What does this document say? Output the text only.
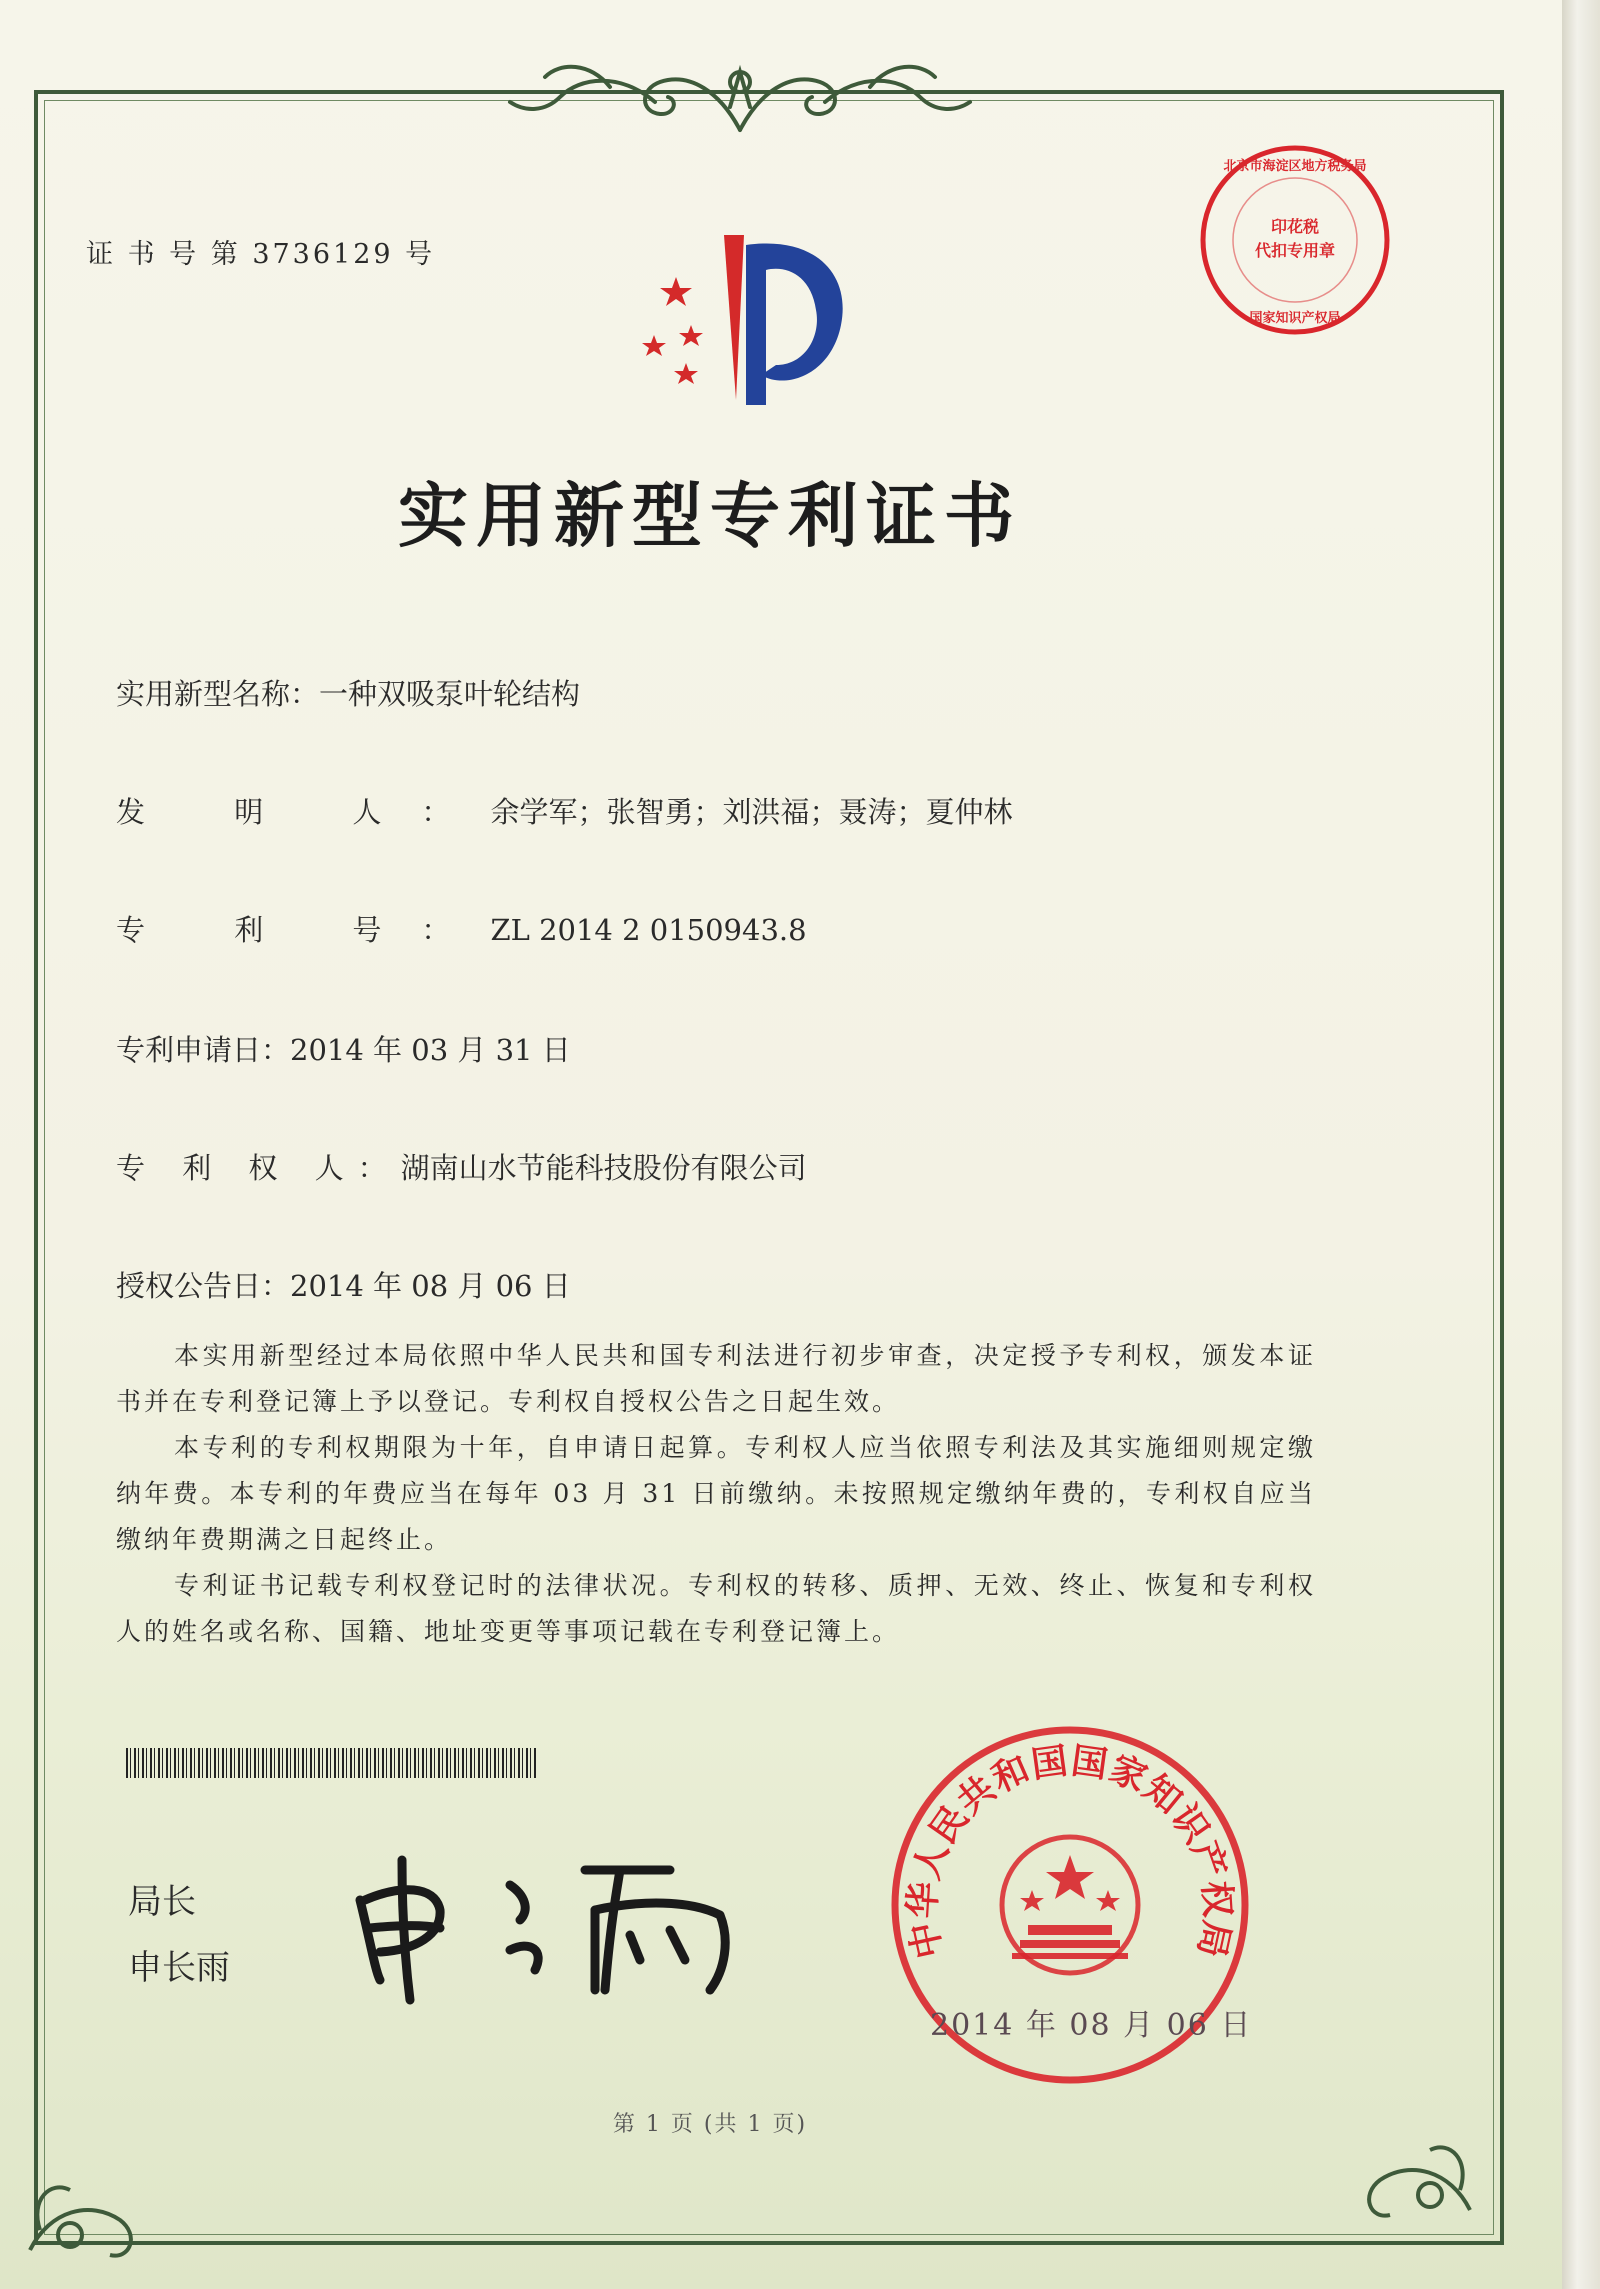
证 书 号 第 3736129 号
印花税
代扣专用章
北京市海淀区地方税务局
国家知识产权局
实用新型专利证书
实用新型名称：一种双吸泵叶轮结构
发 明 人：余学军；张智勇；刘洪福；聂涛；夏仲林
专 利 号：ZL 2014 2 0150943.8
专利申请日：2014 年 03 月 31 日
专 利 权 人：湖南山水节能科技股份有限公司
授权公告日：2014 年 08 月 06 日

本实用新型经过本局依照中华人民共和国专利法进行初步审查，决定授予专利权，颁发本证书并在专利登记簿上予以登记。专利权自授权公告之日起生效。

本专利的专利权期限为十年，自申请日起算。专利权人应当依照专利法及其实施细则规定缴纳年费。本专利的年费应当在每年 03 月 31 日前缴纳。未按照规定缴纳年费的，专利权自应当缴纳年费期满之日起终止。

专利证书记载专利权登记时的法律状况。专利权的转移、质押、无效、终止、恢复和专利权人的姓名或名称、国籍、地址变更等事项记载在专利登记簿上。

局长
申长雨
中华人民共和国国家知识产权局
2014 年 08 月 06 日
第 1 页 (共 1 页)
